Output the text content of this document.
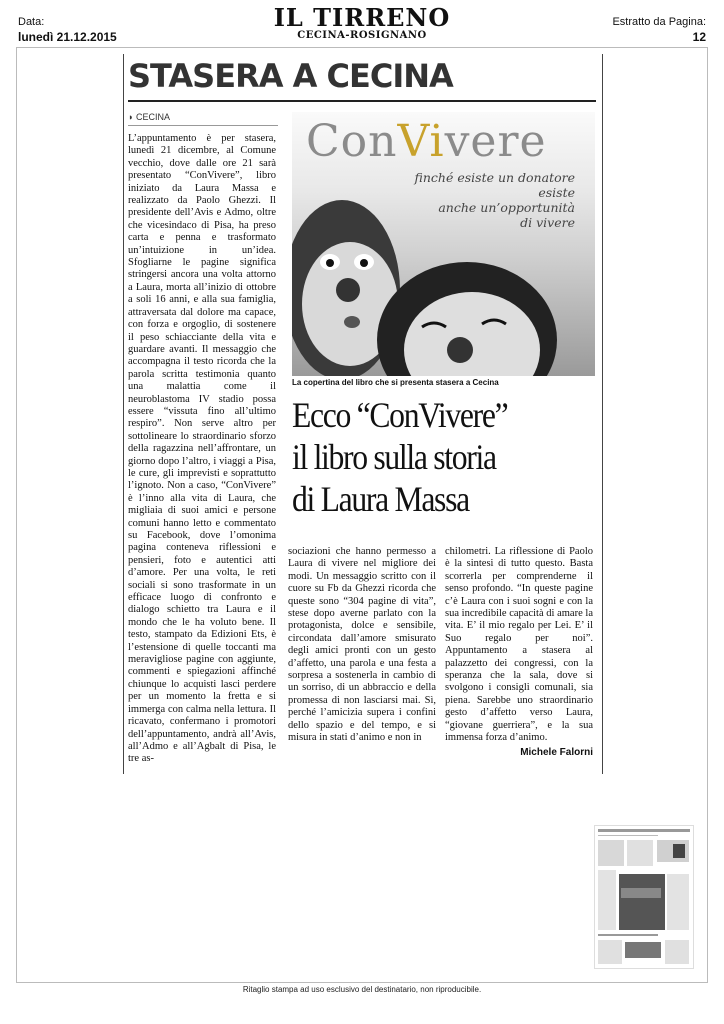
Data:
lunedì 21.12.2015
IL TIRRENO
CECINA-ROSIGNANO
Estratto da Pagina:
12
STASERA A CECINA
◗ CECINA
L’appuntamento è per stasera, lunedì 21 dicembre, al Comune vecchio, dove dalle ore 21 sarà presentato “ConVivere”, libro iniziato da Laura Massa e realizzato da Paolo Ghezzi. Il presidente dell’Avis e Admo, oltre che vicesindaco di Pisa, ha preso carta e penna e trasformato un’intuizione in un’idea. Sfogliarne le pagine significa stringersi ancora una volta attorno a Laura, morta all’inizio di ottobre a soli 16 anni, e alla sua famiglia, attraversata dal dolore ma capace, con forza e orgoglio, di sostenere il peso schiacciante della vita e guardare avanti. Il messaggio che accompagna il testo ricorda che la parola scritta testimonia quanto una malattia come il neuroblastoma IV stadio possa essere “vissuta fino all’ultimo respiro”. Non serve altro per sottolineare lo straordinario sforzo della ragazzina nell’affrontare, un giorno dopo l’altro, i viaggi a Pisa, le cure, gli imprevisti e soprattutto l’ignoto. Non a caso, “ConVivere” è l’inno alla vita di Laura, che migliaia di suoi amici e persone comuni hanno letto e commentato su Facebook, dove l’omonima pagina conteneva riflessioni e pensieri, foto e autentici atti d’amore. Per una volta, le reti sociali si sono trasformate in un efficace luogo di confronto e dialogo schietto tra Laura e il mondo che le ha voluto bene. Il testo, stampato da Edizioni Ets, è l’estensione di quelle toccanti ma meravigliose pagine con aggiunte, commenti e spiegazioni affinché chiunque lo acquisti lasci perdere per un momento la fretta e si immerga con calma nella lettura. Il ricavato, confermano i promotori dell’appuntamento, andrà all’Avis, all’Admo e all’Agbalt di Pisa, le tre as-
ConVivere
finché esiste un donatore esiste
anche un’opportunità
di vivere
La copertina del libro che si presenta stasera a Cecina
Ecco “ConVivere”
il libro sulla storia
di Laura Massa
sociazioni che hanno permesso a Laura di vivere nel migliore dei modi. Un messaggio scritto con il cuore su Fb da Ghezzi ricorda che queste sono “304 pagine di vita”, stese dopo averne parlato con la protagonista, dolce e sensibile, circondata dall’amore smisurato degli amici pronti con un gesto d’affetto, una parola e una festa a sorpresa a sostenerla in cambio di un sorriso, di un abbraccio e della promessa di non lasciarsi mai. Sì, perché l’amicizia supera i confini dello spazio e del tempo, e si misura in stati d’animo e non in
chilometri. La riflessione di Paolo è la sintesi di tutto questo. Basta scorrerla per comprenderne il senso profondo. “In queste pagine c’è Laura con i suoi sogni e con la sua incredibile capacità di amare la vita. E’ il mio regalo per Lei. E’ il Suo regalo per noi”. Appuntamento a stasera al palazzetto dei congressi, con la speranza che la sala, dove si svolgono i consigli comunali, sia piena. Sarebbe uno straordinario gesto d’affetto verso Laura, “giovane guerriera”, e la sua immensa forza d’animo.
Michele Falorni
Ritaglio stampa ad uso esclusivo del destinatario, non riproducibile.
